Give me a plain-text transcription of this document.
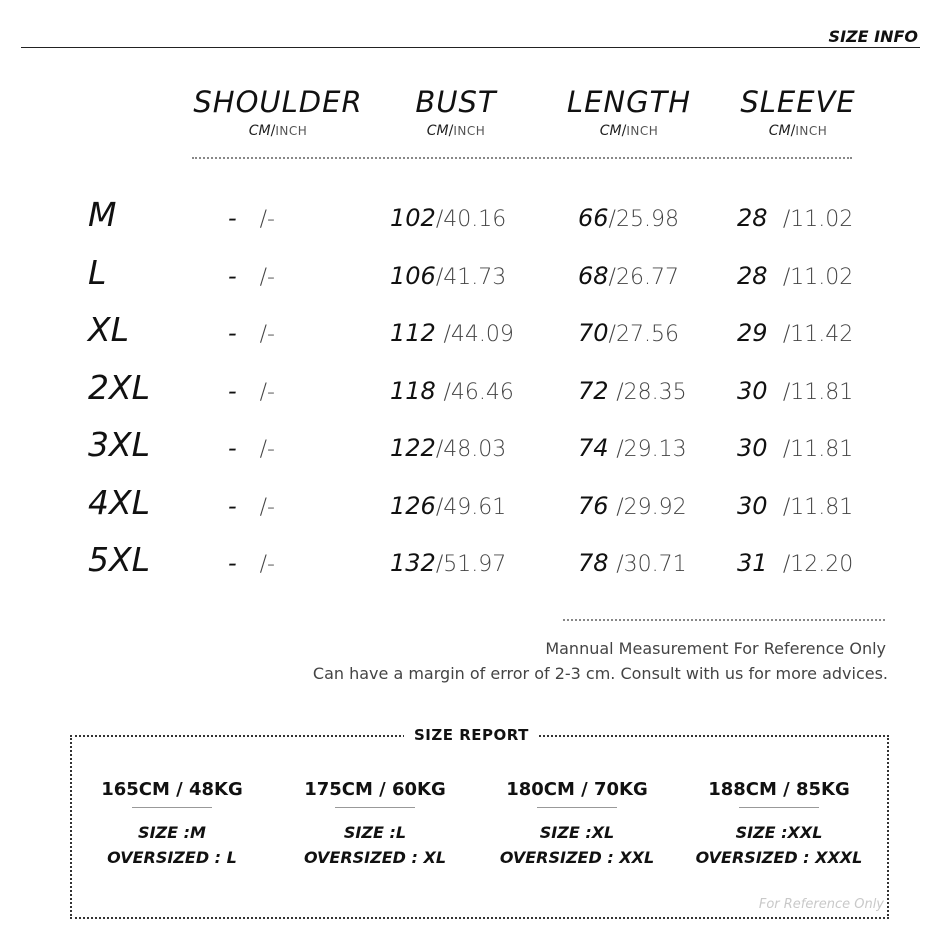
SIZE INFO
SHOULDER
CM/INCH
BUST
CM/INCH
LENGTH
CM/INCH
SLEEVE
CM/INCH
M	- /-	102/40.16	66/25.98 28 /11.02
L	- /-	106/41.73	68/26.77 28 /11.02
XL	- /-	112 /44.09	70/27.56 29 /11.42
2XL	- /-	118 /46.46	72 /28.35 30 /11.81
3XL	- /-	122/48.03	74 /29.13 30 /11.81
4XL	- /-	126/49.61	76 /29.92 30 /11.81
5XL	- /-	132/51.97	78 /30.71 31 /12.20
Mannual Measurement For Reference Only
Can have a margin of error of 2-3 cm. Consult with us for more advices.
SIZE REPORT
165CM / 48KG
SIZE :M
OVERSIZED : L
175CM / 60KG
SIZE :L
OVERSIZED : XL
180CM / 70KG
SIZE :XL
OVERSIZED : XXL
188CM / 85KG
SIZE :XXL
OVERSIZED : XXXL
For Reference Only
